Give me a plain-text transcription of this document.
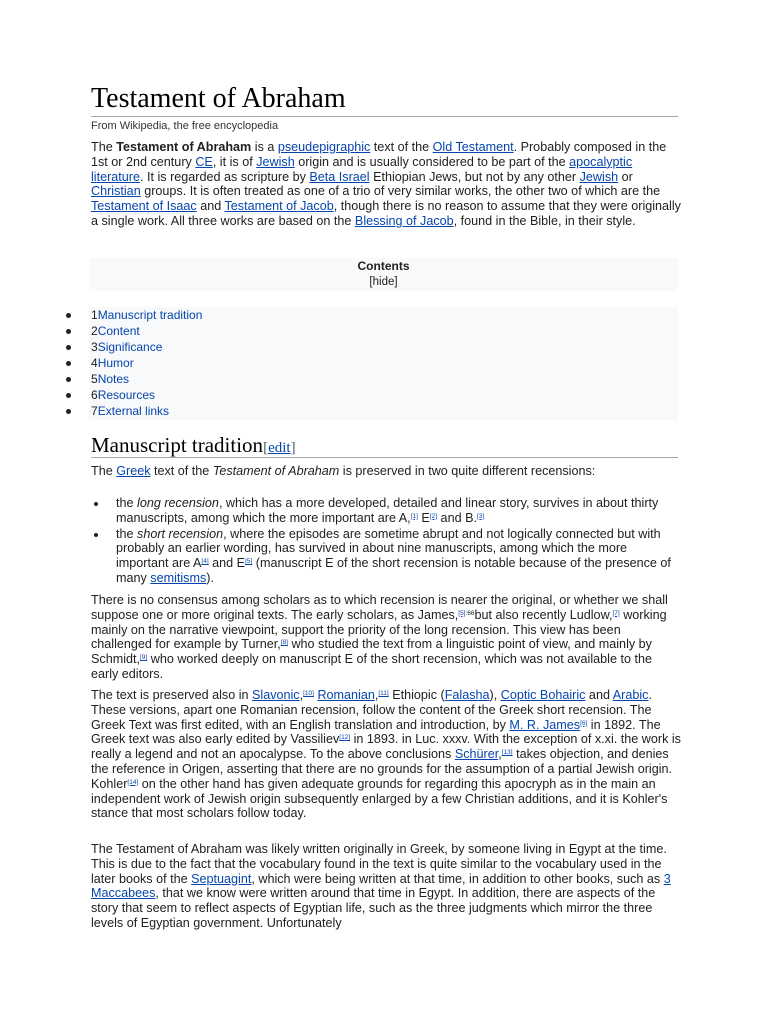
Testament of Abraham
From Wikipedia, the free encyclopedia

The Testament of Abraham is a pseudepigraphic text of the Old Testament. Probably composed in the 1st or 2nd century CE, it is of Jewish origin and is usually considered to be part of the apocalyptic literature. It is regarded as scripture by Beta Israel Ethiopian Jews, but not by any other Jewish or Christian groups. It is often treated as one of a trio of very similar works, the other two of which are the Testament of Isaac and Testament of Jacob, though there is no reason to assume that they were originally a single work. All three works are based on the Blessing of Jacob, found in the Bible, in their style.

Contents
[hide]
1Manuscript tradition
2Content
3Significance
4Humor
5Notes
6Resources
7External links
Manuscript tradition[edit]

The Greek text of the Testament of Abraham is preserved in two quite different recensions:

the long recension, which has a more developed, detailed and linear story, survives in about thirty manuscripts, among which the more important are A,[1] E[2] and B.[3]
the short recension, where the episodes are sometime abrupt and not logically connected but with probably an earlier wording, has survived in about nine manuscripts, among which the more important are A[4] and E[5] (manuscript E of the short recension is notable because of the presence of many semitisms).

There is no consensus among scholars as to which recension is nearer the original, or whether we shall suppose one or more original texts. The early scholars, as James,$^{[5]:66}$but also recently Ludlow,[7] working mainly on the narrative viewpoint, support the priority of the long recension. This view has been challenged for example by Turner,[8] who studied the text from a linguistic point of view, and mainly by Schmidt,[9] who worked deeply on manuscript E of the short recension, which was not available to the early editors.

The text is preserved also in Slavonic,[10] Romanian,[11] Ethiopic (Falasha), Coptic Bohairic and Arabic. These versions, apart one Romanian recension, follow the content of the Greek short recension. The Greek Text was first edited, with an English translation and introduction, by M. R. James[6] in 1892. The Greek text was also early edited by Vassiliev[12] in 1893. in Luc. xxxv. With the exception of x.xi. the work is really a legend and not an apocalypse. To the above conclusions Schürer,[13] takes objection, and denies the reference in Origen, asserting that there are no grounds for the assumption of a partial Jewish origin. Kohler[14] on the other hand has given adequate grounds for regarding this apocryph as in the main an independent work of Jewish origin subsequently enlarged by a few Christian additions, and it is Kohler's stance that most scholars follow today.

The Testament of Abraham was likely written originally in Greek, by someone living in Egypt at the time. This is due to the fact that the vocabulary found in the text is quite similar to the vocabulary used in the later books of the Septuagint, which were being written at that time, in addition to other books, such as 3 Maccabees, that we know were written around that time in Egypt. In addition, there are aspects of the story that seem to reflect aspects of Egyptian life, such as the three judgments which mirror the three levels of Egyptian government. Unfortunately
